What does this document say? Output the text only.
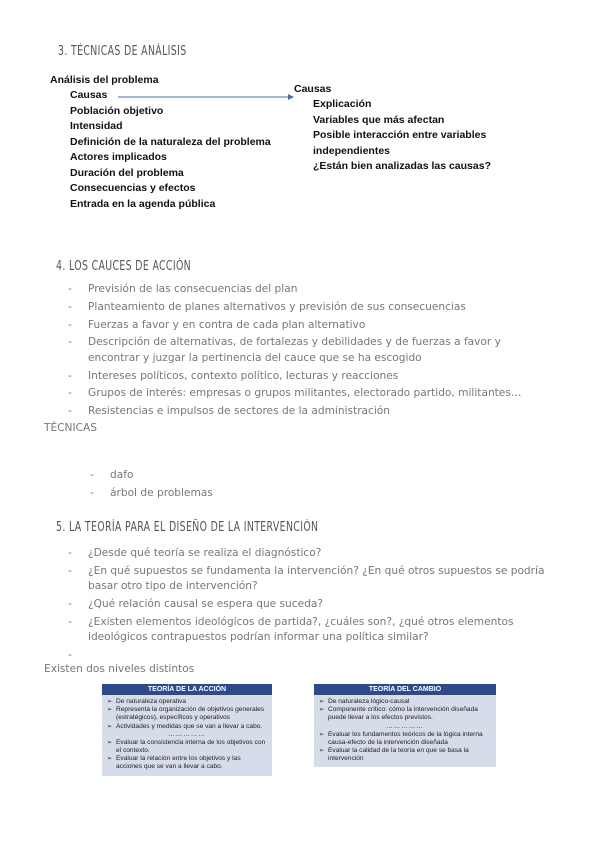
3. TÉCNICAS DE ANÁLISIS
Análisis del problema
Causas
Población objetivo
Intensidad
Definición de la naturaleza del problema
Actores implicados
Duración del problema
Consecuencias y efectos
Entrada en la agenda pública
Causas
Explicación
Variables que más afectan
Posible interacción entre variables
independientes
¿Están bien analizadas las causas?
4. LOS CAUCES DE ACCIÓN
- Previsión de las consecuencias del plan
- Planteamiento de planes alternativos y previsión de sus consecuencias
- Fuerzas a favor y en contra de cada plan alternativo
- Descripción de alternativas, de fortalezas y debilidades y de fuerzas a favor y encontrar y juzgar la pertinencia del cauce que se ha escogido
- Intereses políticos, contexto político, lecturas y reacciones
- Grupos de interés: empresas o grupos militantes, electorado partido, militantes…
- Resistencias e impulsos de sectores de la administración
TÉCNICAS
- dafo
- árbol de problemas
5. LA TEORÍA PARA EL DISEÑO DE LA INTERVENCIÓN
- ¿Desde qué teoría se realiza el diagnóstico?
- ¿En qué supuestos se fundamenta la intervención? ¿En qué otros supuestos se podría basar otro tipo de intervención?
- ¿Qué relación causal se espera que suceda?
- ¿Existen elementos ideológicos de partida?, ¿cuáles son?, ¿qué otros elementos ideológicos contrapuestos podrían informar una política similar?
-
Existen dos niveles distintos
TEORÍA DE LA ACCIÓN
➢ De naturaleza operativa
➢ Representa la organización de objetivos generales (estratégicos), específicos y operativos
➢ Actividades y medidas que se van a llevar a cabo.
……………
➢ Evaluar la consistencia interna de los objetivos con el contexto.
➢ Evaluar la relación entre los objetivos y las acciones que se van a llevar a cabo.
TEORÍA DEL CAMBIO
➢ De naturaleza lógico-causal
➢ Componente crítico: cómo la intervención diseñada puede llevar a los efectos previstos.
……………
➢ Evaluar los fundamentos teóricos de la lógica interna causa-efecto de la intervención diseñada
➢ Evaluar la calidad de la teoría en que se basa la intervención
